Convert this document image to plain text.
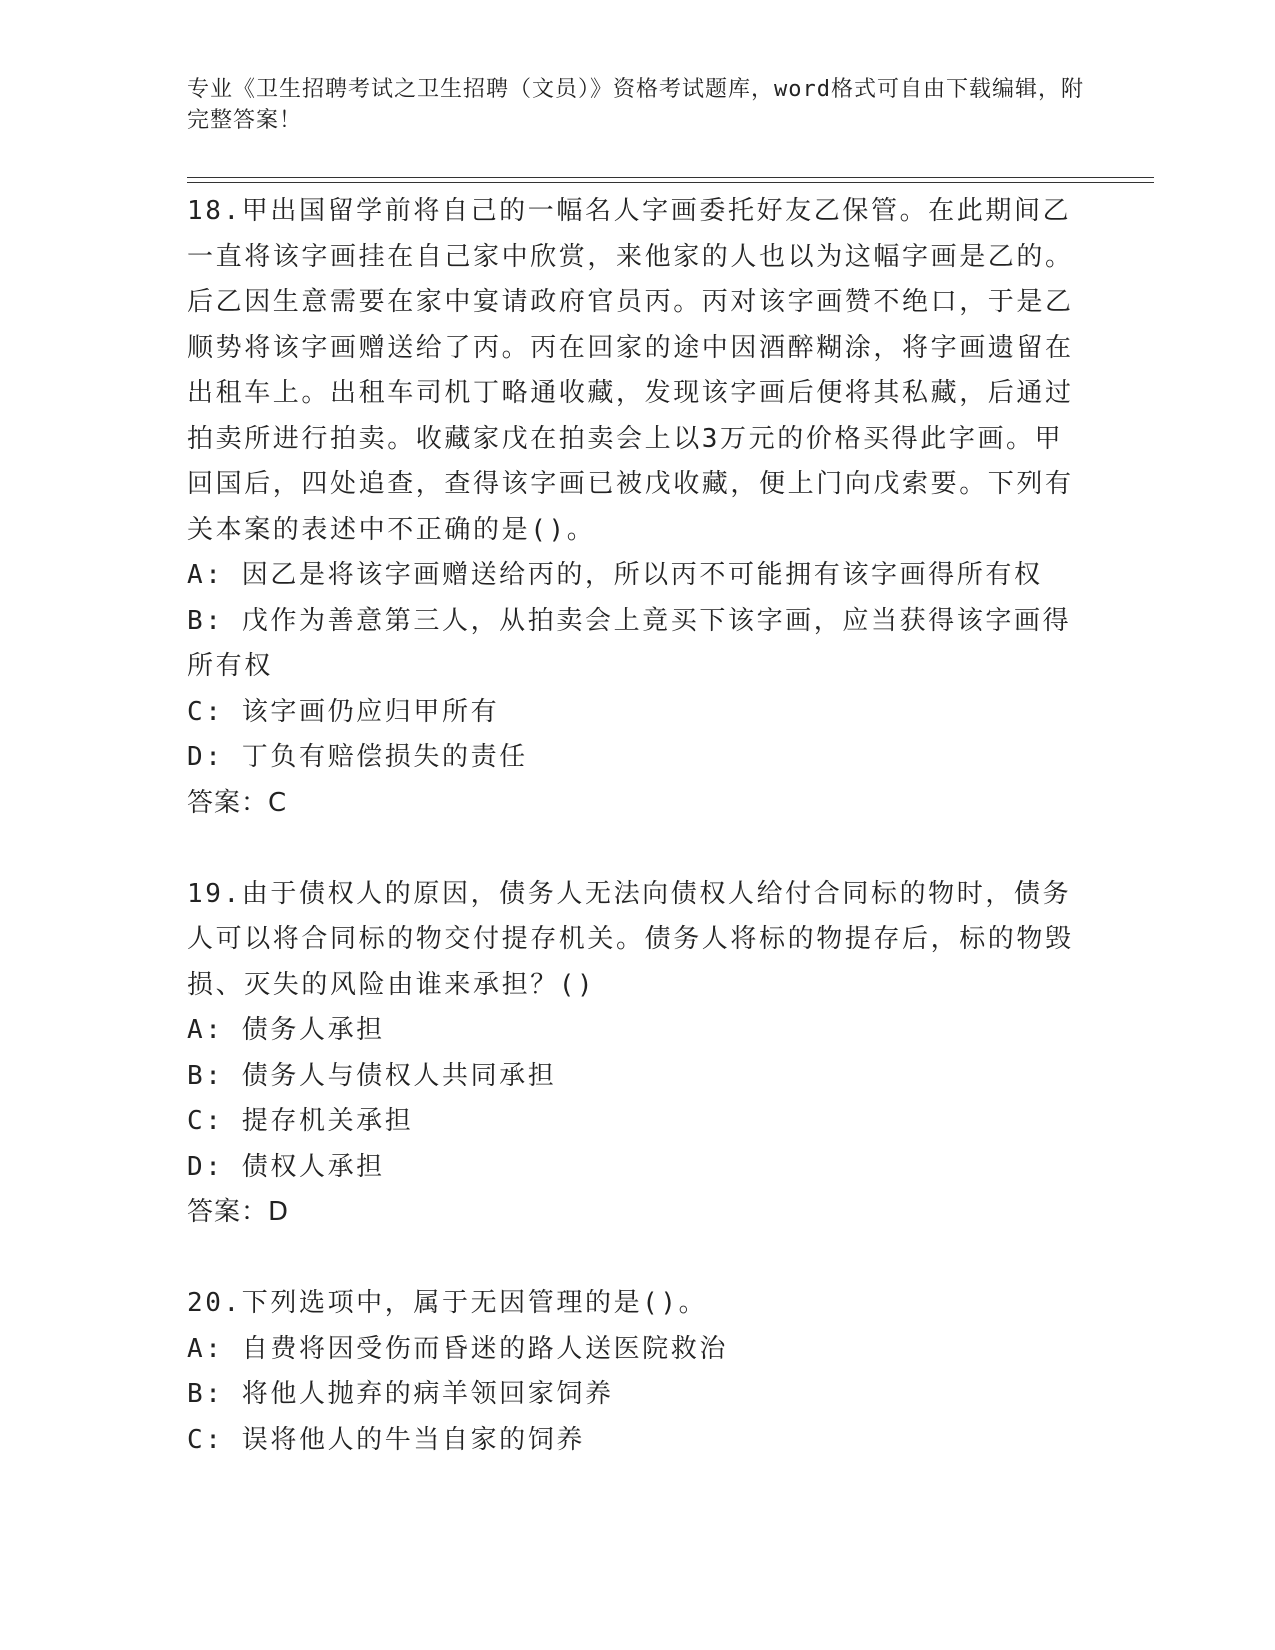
专业《卫生招聘考试之卫生招聘（文员）》资格考试题库，word格式可自由下载编辑，附完整答案！

18.甲出国留学前将自己的一幅名人字画委托好友乙保管。在此期间乙一直将该字画挂在自己家中欣赏，来他家的人也以为这幅字画是乙的。后乙因生意需要在家中宴请政府官员丙。丙对该字画赞不绝口，于是乙顺势将该字画赠送给了丙。丙在回家的途中因酒醉糊涂，将字画遗留在出租车上。出租车司机丁略通收藏，发现该字画后便将其私藏，后通过拍卖所进行拍卖。收藏家戊在拍卖会上以3万元的价格买得此字画。甲回国后，四处追查，查得该字画已被戊收藏，便上门向戊索要。下列有关本案的表述中不正确的是()。

A: 因乙是将该字画赠送给丙的，所以丙不可能拥有该字画得所有权

B: 戊作为善意第三人，从拍卖会上竟买下该字画，应当获得该字画得所有权

C: 该字画仍应归甲所有

D: 丁负有赔偿损失的责任

答案：C

19.由于债权人的原因，债务人无法向债权人给付合同标的物时，债务人可以将合同标的物交付提存机关。债务人将标的物提存后，标的物毁损、灭失的风险由谁来承担？()

A: 债务人承担

B: 债务人与债权人共同承担

C: 提存机关承担

D: 债权人承担

答案：D

20.下列选项中，属于无因管理的是()。

A: 自费将因受伤而昏迷的路人送医院救治

B: 将他人抛弃的病羊领回家饲养

C: 误将他人的牛当自家的饲养
